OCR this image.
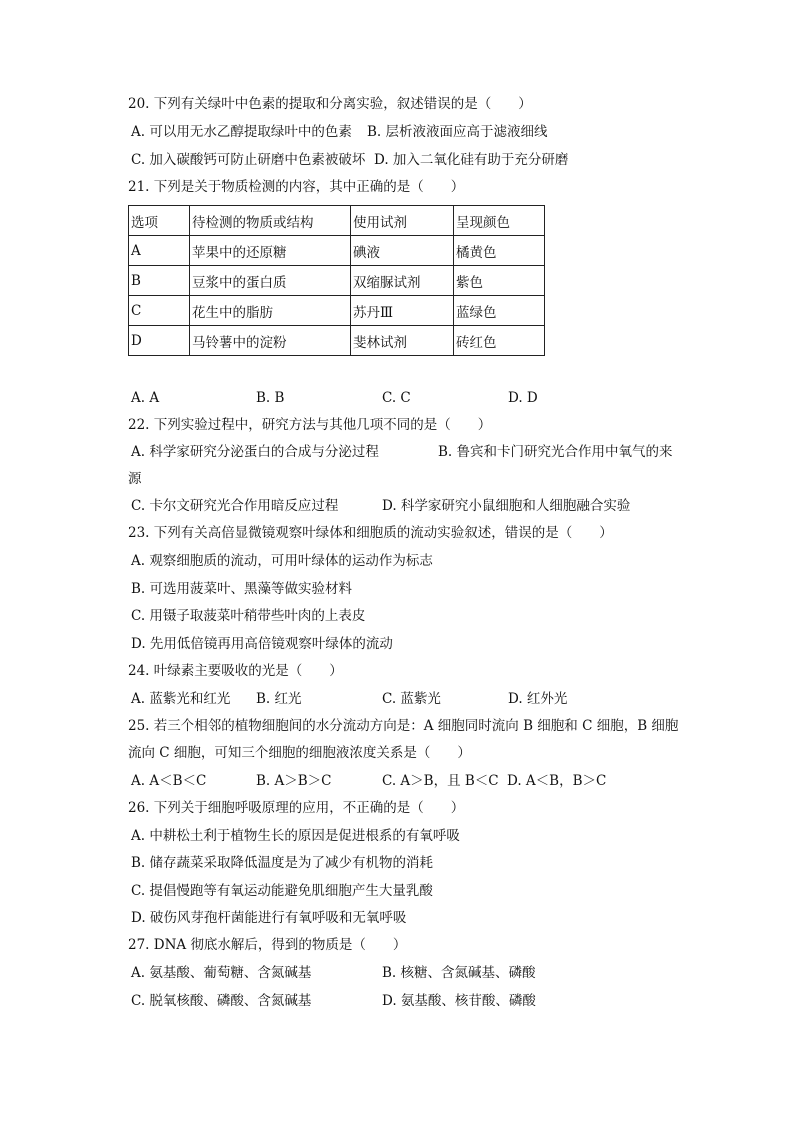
20. 下列有关绿叶中色素的提取和分离实验，叙述错误的是（　　）
A. 可以用无水乙醇提取绿叶中的色素 B. 层析液液面应高于滤液细线
C. 加入碳酸钙可防止研磨中色素被破坏 D. 加入二氧化硅有助于充分研磨
21. 下列是关于物质检测的内容，其中正确的是（　　）
选项	待检测的物质或结构	使用试剂	呈现颜色
A	苹果中的还原糖	碘液	橘黄色
B	豆浆中的蛋白质	双缩脲试剂	紫色
C	花生中的脂肪	苏丹Ⅲ	蓝绿色
D	马铃薯中的淀粉	斐林试剂	砖红色
A. A	B. B	C. C	D. D
22. 下列实验过程中，研究方法与其他几项不同的是（　　）
A. 科学家研究分泌蛋白的合成与分泌过程	B. 鲁宾和卡门研究光合作用中氧气的来
源
C. 卡尔文研究光合作用暗反应过程	D. 科学家研究小鼠细胞和人细胞融合实验
23. 下列有关高倍显微镜观察叶绿体和细胞质的流动实验叙述，错误的是（　　）
A. 观察细胞质的流动，可用叶绿体的运动作为标志
B. 可选用菠菜叶、黑藻等做实验材料
C. 用镊子取菠菜叶稍带些叶肉的上表皮
D. 先用低倍镜再用高倍镜观察叶绿体的流动
24. 叶绿素主要吸收的光是（　　）
A. 蓝紫光和红光 B. 红光	C. 蓝紫光	D. 红外光
25. 若三个相邻的植物细胞间的水分流动方向是：A 细胞同时流向 B 细胞和 C 细胞，B 细胞
流向 C 细胞，可知三个细胞的细胞液浓度关系是（　　）
A. A＜B＜C	B. A＞B＞C	C. A＞B，且 B＜C D. A＜B，B＞C
26. 下列关于细胞呼吸原理的应用，不正确的是（　　）
A. 中耕松土利于植物生长的原因是促进根系的有氧呼吸
B. 储存蔬菜采取降低温度是为了减少有机物的消耗
C. 提倡慢跑等有氧运动能避免肌细胞产生大量乳酸
D. 破伤风芽孢杆菌能进行有氧呼吸和无氧呼吸
27. DNA 彻底水解后，得到的物质是（　　）
A. 氨基酸、葡萄糖、含氮碱基	B. 核糖、含氮碱基、磷酸
C. 脱氧核酸、磷酸、含氮碱基	D. 氨基酸、核苷酸、磷酸
